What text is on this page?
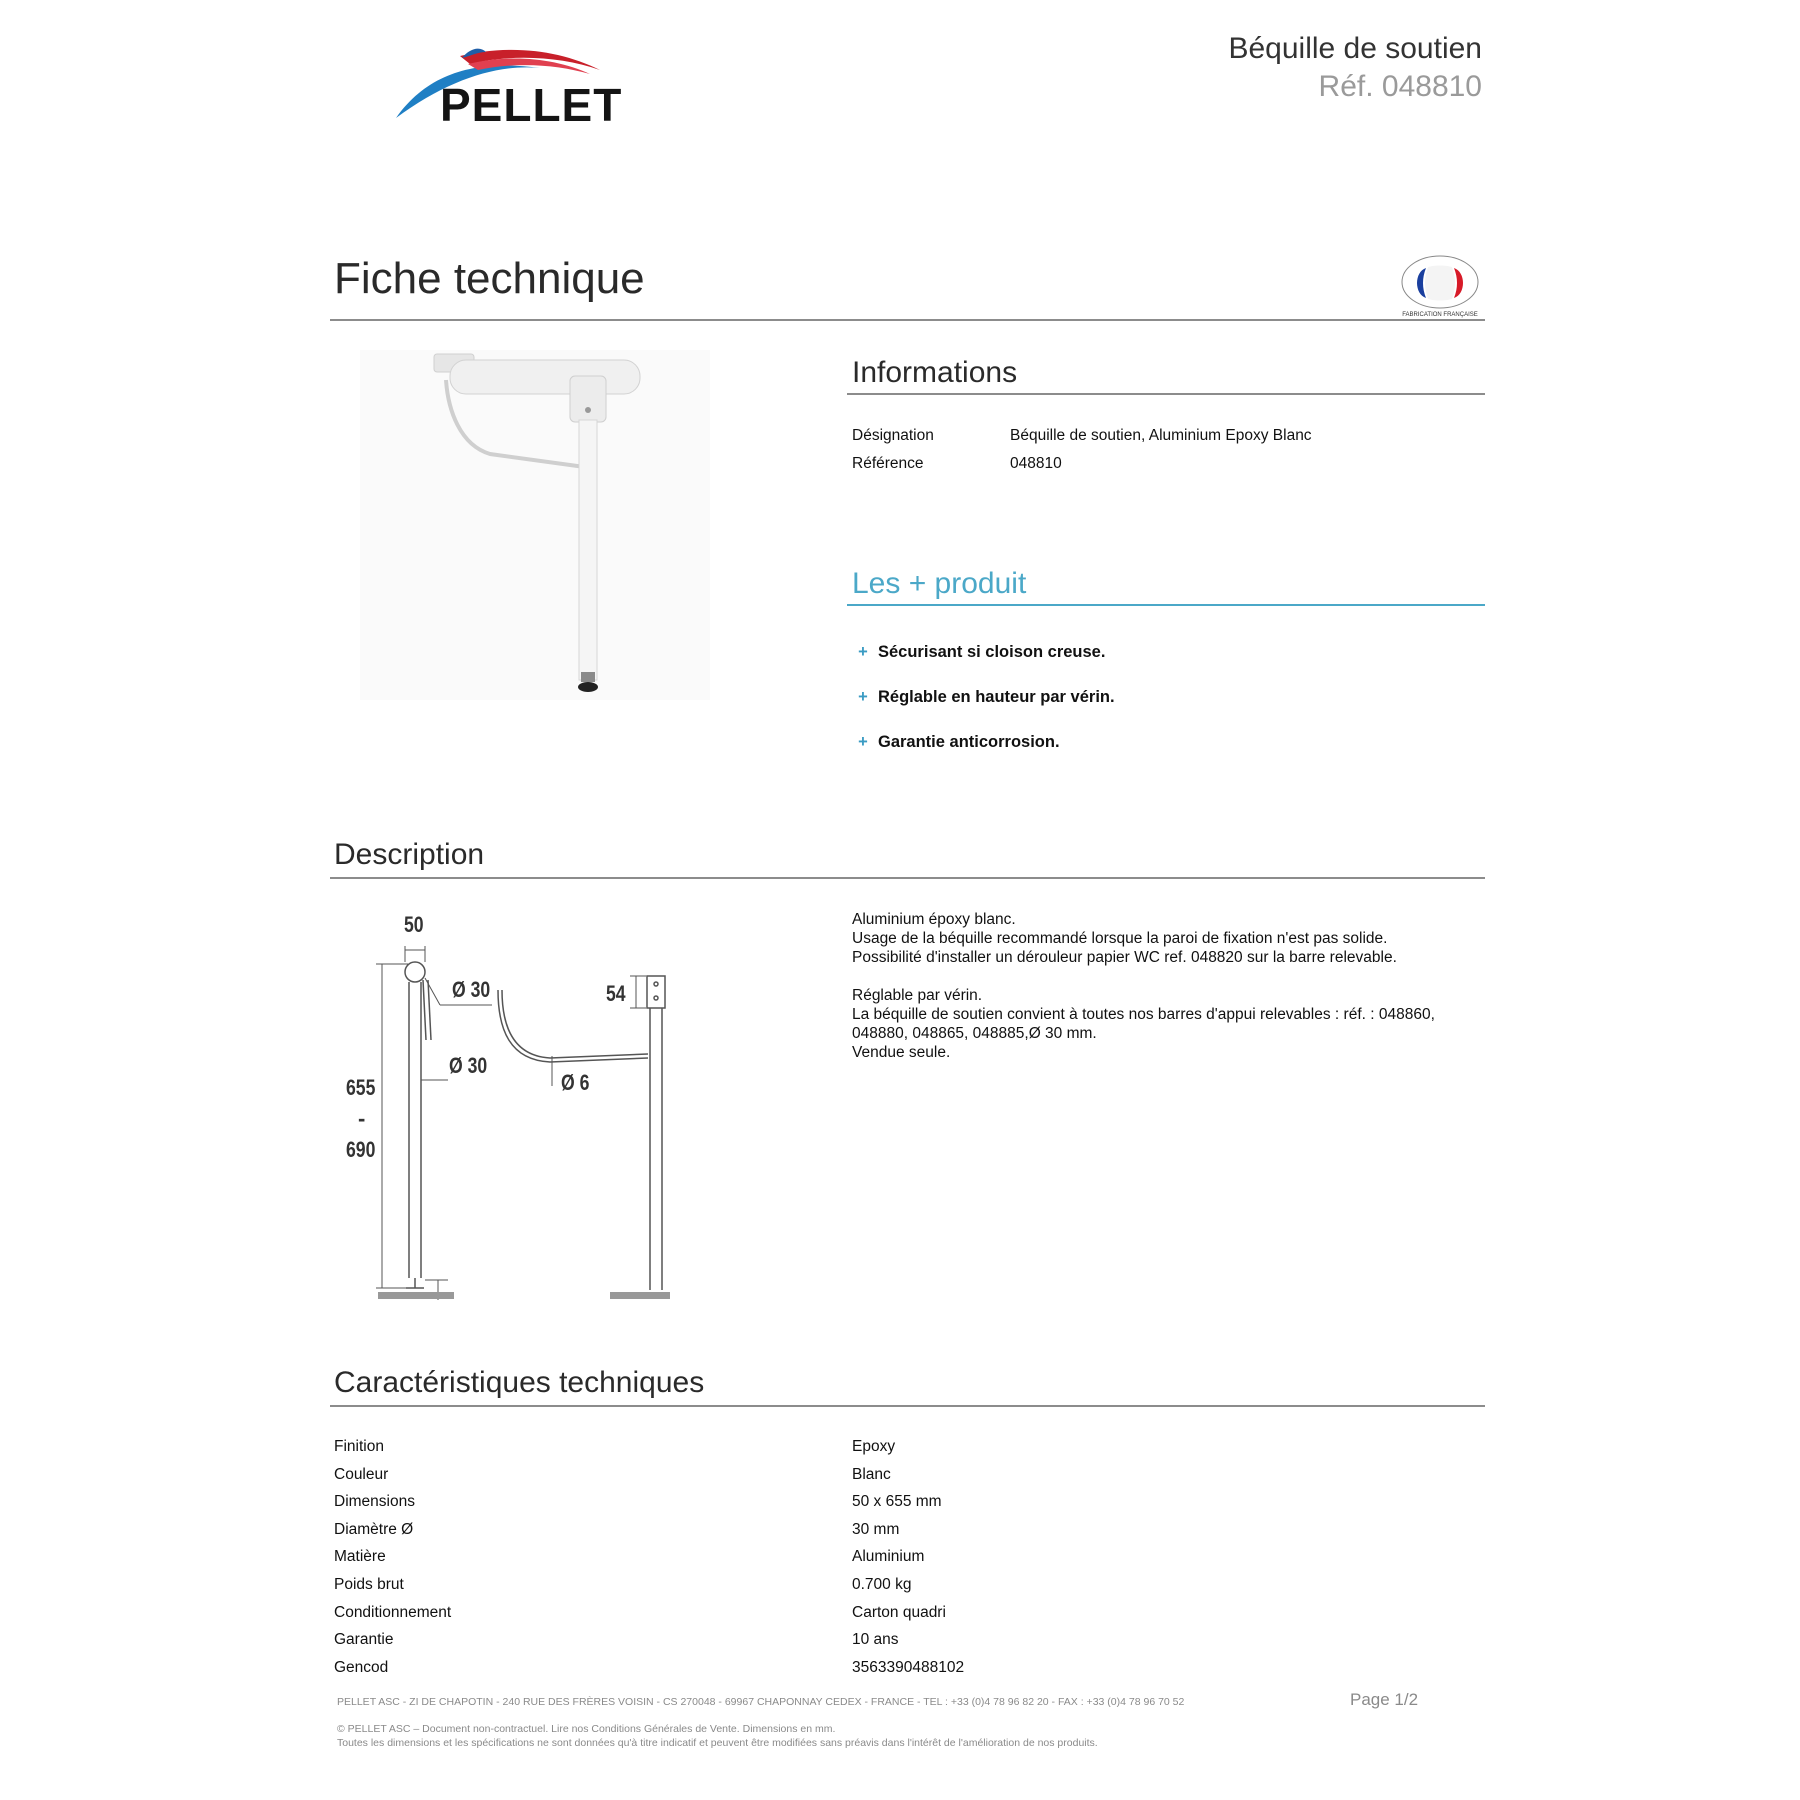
PELLET
Béquille de soutien
Réf. 048810
Fiche technique
FABRICATION FRANÇAISE
Informations
Désignation	Béquille de soutien, Aluminium Epoxy Blanc
Référence	048810
Les + produit
+ Sécurisant si cloison creuse.
+ Réglable en hauteur par vérin.
+ Garantie anticorrosion.
Description
50
Ø 30
Ø 30
655
-
690
54
Ø 6

Aluminium époxy blanc.

Usage de la béquille recommandé lorsque la paroi de fixation n'est pas solide.

Possibilité d'installer un dérouleur papier WC ref. 048820 sur la barre relevable.

Réglable par vérin.

La béquille de soutien convient à toutes nos barres d'appui relevables : réf. : 048860,

048880, 048865, 048885,Ø 30 mm.

Vendue seule.

Caractéristiques techniques
Finition	Epoxy
Couleur	Blanc
Dimensions	50 x 655 mm
Diamètre Ø	30 mm
Matière	Aluminium
Poids brut	0.700 kg
Conditionnement	Carton quadri
Garantie	10 ans
Gencod	3563390488102
PELLET ASC - ZI DE CHAPOTIN - 240 RUE DES FRÈRES VOISIN - CS 270048 - 69967 CHAPONNAY CEDEX - FRANCE - TEL : +33 (0)4 78 96 82 20 - FAX : +33 (0)4 78 96 70 52	Page 1/2
© PELLET ASC – Document non-contractuel. Lire nos Conditions Générales de Vente. Dimensions en mm.
Toutes les dimensions et les spécifications ne sont données qu'à titre indicatif et peuvent être modifiées sans préavis dans l'intérêt de l'amélioration de nos produits.
